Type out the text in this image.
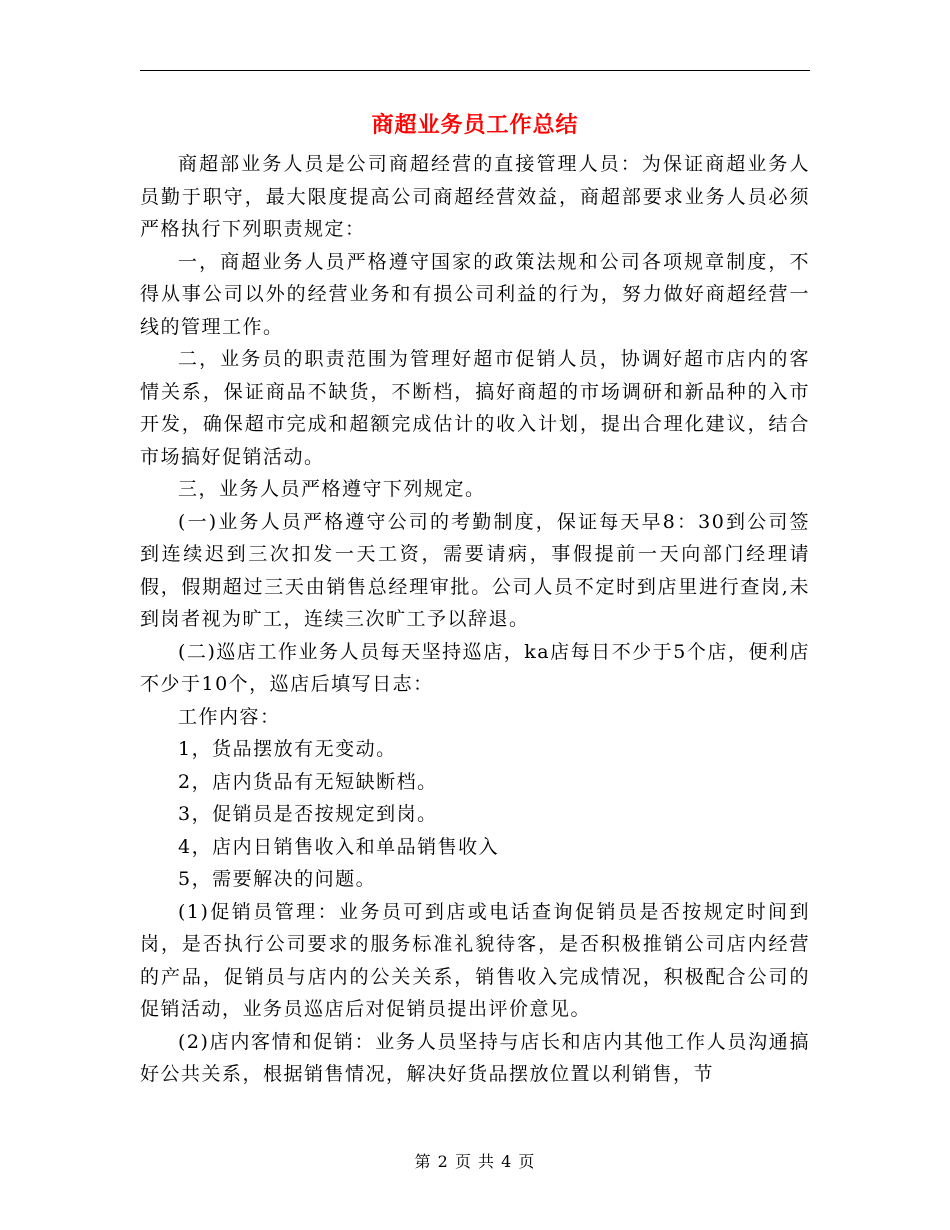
商超业务员工作总结

商超部业务人员是公司商超经营的直接管理人员：为保证商超业务人员勤于职守，最大限度提高公司商超经营效益，商超部要求业务人员必须严格执行下列职责规定：

一，商超业务人员严格遵守国家的政策法规和公司各项规章制度，不得从事公司以外的经营业务和有损公司利益的行为，努力做好商超经营一线的管理工作。

二，业务员的职责范围为管理好超市促销人员，协调好超市店内的客情关系，保证商品不缺货，不断档，搞好商超的市场调研和新品种的入市开发，确保超市完成和超额完成估计的收入计划，提出合理化建议，结合市场搞好促销活动。

三，业务人员严格遵守下列规定。

(一)业务人员严格遵守公司的考勤制度，保证每天早8：30到公司签到连续迟到三次扣发一天工资，需要请病，事假提前一天向部门经理请假，假期超过三天由销售总经理审批。公司人员不定时到店里进行查岗,未到岗者视为旷工，连续三次旷工予以辞退。

(二)巡店工作业务人员每天坚持巡店，ka店每日不少于5个店，便利店不少于10个，巡店后填写日志：

工作内容：

1，货品摆放有无变动。

2，店内货品有无短缺断档。

3，促销员是否按规定到岗。

4，店内日销售收入和单品销售收入

5，需要解决的问题。

(1)促销员管理：业务员可到店或电话查询促销员是否按规定时间到岗，是否执行公司要求的服务标准礼貌待客，是否积极推销公司店内经营的产品，促销员与店内的公关关系，销售收入完成情况，积极配合公司的促销活动，业务员巡店后对促销员提出评价意见。

(2)店内客情和促销：业务人员坚持与店长和店内其他工作人员沟通搞好公共关系，根据销售情况，解决好货品摆放位置以利销售，节

第 2 页 共 4 页
